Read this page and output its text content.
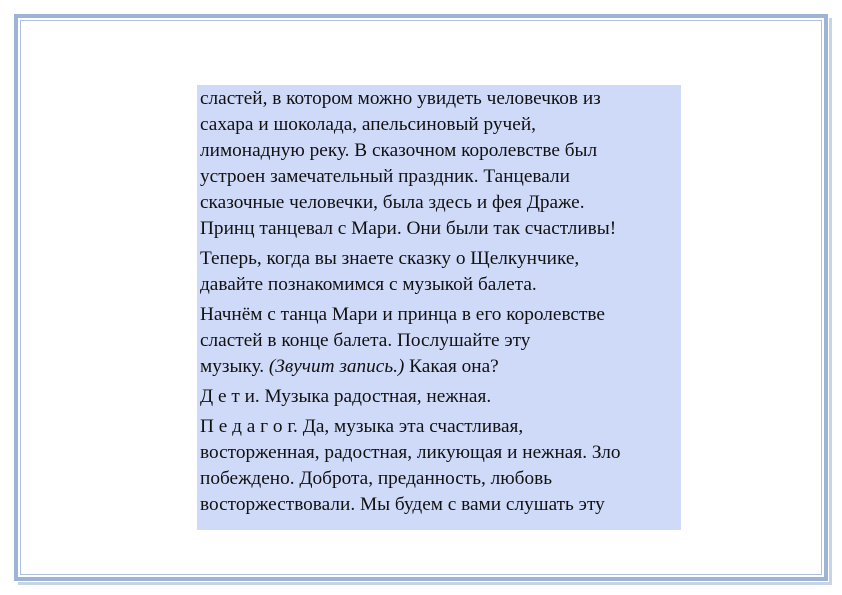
сластей, в котором можно увидеть человечков из
сахара и шоколада, апельсиновый ручей,
лимонадную реку. В сказочном королевстве был
устроен замечательный праздник. Танцевали
сказочные человечки, была здесь и фея Драже.
Принц танцевал с Мари. Они были так счастливы!

Теперь, когда вы знаете сказку о Щелкунчике,
давайте познакомимся с музыкой балета.

Начнём с танца Мари и принца в его королевстве
сластей в конце балета. Послушайте эту
музыку. (Звучит запись.) Какая она?

Д е т и. Музыка радостная, нежная.

П е д а г о г. Да, музыка эта счастливая,
восторженная, радостная, ликующая и нежная. Зло
побеждено. Доброта, преданность, любовь
восторжествовали. Мы будем с вами слушать эту
